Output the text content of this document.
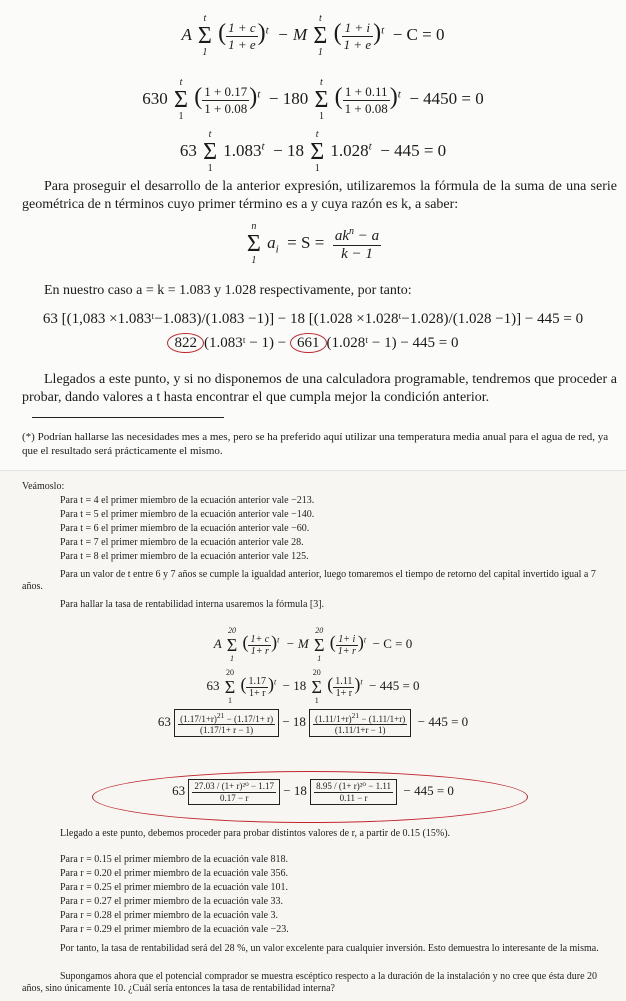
A t
Σ
1 ( $\frac{1 + c}{1 + e} )^t - M$ t
Σ
1 ( $\frac{1 + i}{1 + e} )^t - C = 0$
630 t
Σ
1 ( $\frac{1 + 0.17}{1 + 0.08} )^t - 180$ t
Σ
1 ( $\frac{1 + 0.11}{1 + 0.08} )^t - 4450 = 0$
63 t
Σ
1 $1.083^t - 18$ t
Σ
1 $1.028^t - 445 = 0$
Para proseguir el desarrollo de la anterior expresión, utilizaremos la fórmula de la suma de una serie geométrica de n términos cuyo primer término es a y cuya razón es k, a saber:
n
Σ
1 $a_i = S = \frac{ak^n - a}{k - 1}$
En nuestro caso a = k = 1.083 y 1.028 respectivamente, por tanto:
63 [(1,083 ×1.083ᵗ−1.083)/(1.083 −1)] − 18 [(1.028 ×1.028ᵗ−1.028)/(1.028 −1)] − 445 = 0
822 (1.083ᵗ − 1) − 661 (1.028ᵗ − 1) − 445 = 0
Llegados a este punto, y si no disponemos de una calculadora programable, tendremos que proceder a probar, dando valores a t hasta encontrar el que cumpla mejor la condición anterior.
(*) Podrían hallarse las necesidades mes a mes, pero se ha preferido aquí utilizar una temperatura media anual para el agua de red, ya que el resultado será prácticamente el mismo.
Veámoslo:
Para t = 4 el primer miembro de la ecuación anterior vale −213.
Para t = 5 el primer miembro de la ecuación anterior vale −140.
Para t = 6 el primer miembro de la ecuación anterior vale −60.
Para t = 7 el primer miembro de la ecuación anterior vale 28.
Para t = 8 el primer miembro de la ecuación anterior vale 125.
Para un valor de t entre 6 y 7 años se cumple la igualdad anterior, luego tomaremos el tiempo de retorno del capital invertido igual a 7 años.
Para hallar la tasa de rentabilidad interna usaremos la fórmula [3].
A 20
Σ
1 ( $\frac{1+ c}{1+ r} )^t - M$ 20
Σ
1 ( $\frac{1+ i}{1+ r} )^t - C = 0$
63 20
Σ
1 ( $\frac{1.17}{1+ r} )^t - 18$ 20
Σ
1 ( $\frac{1.11}{1+ r} )^t - 445 = 0$
$63 \frac{(1.17/1+r)^{21} - (1.17/1+ r)}{(1.17/1+ r - 1)} - 18 \frac{(1.11/1+r)^{21} - (1.11/1+r)}{(1.11/1+r - 1)} - 445 = 0$
$63 \frac{\text{27.03 / (1+ r)²⁰ − 1.17}}{0.17 - r} - 18 \frac{\text{8.95 / (1+ r)²⁰ − 1.11}}{0.11 - r} - 445 = 0$
Llegado a este punto, debemos proceder para probar distintos valores de r, a partir de 0.15 (15%).
Para r = 0.15 el primer miembro de la ecuación vale 818.
Para r = 0.20 el primer miembro de la ecuación vale 356.
Para r = 0.25 el primer miembro de la ecuación vale 101.
Para r = 0.27 el primer miembro de la ecuación vale 33.
Para r = 0.28 el primer miembro de la ecuación vale 3.
Para r = 0.29 el primer miembro de la ecuación vale −23.
Por tanto, la tasa de rentabilidad será del 28 %, un valor excelente para cualquier inversión. Esto demuestra lo interesante de la misma.
Supongamos ahora que el potencial comprador se muestra escéptico respecto a la duración de la instalación y no cree que ésta dure 20 años, sino únicamente 10. ¿Cuál sería entonces la tasa de rentabilidad interna?
